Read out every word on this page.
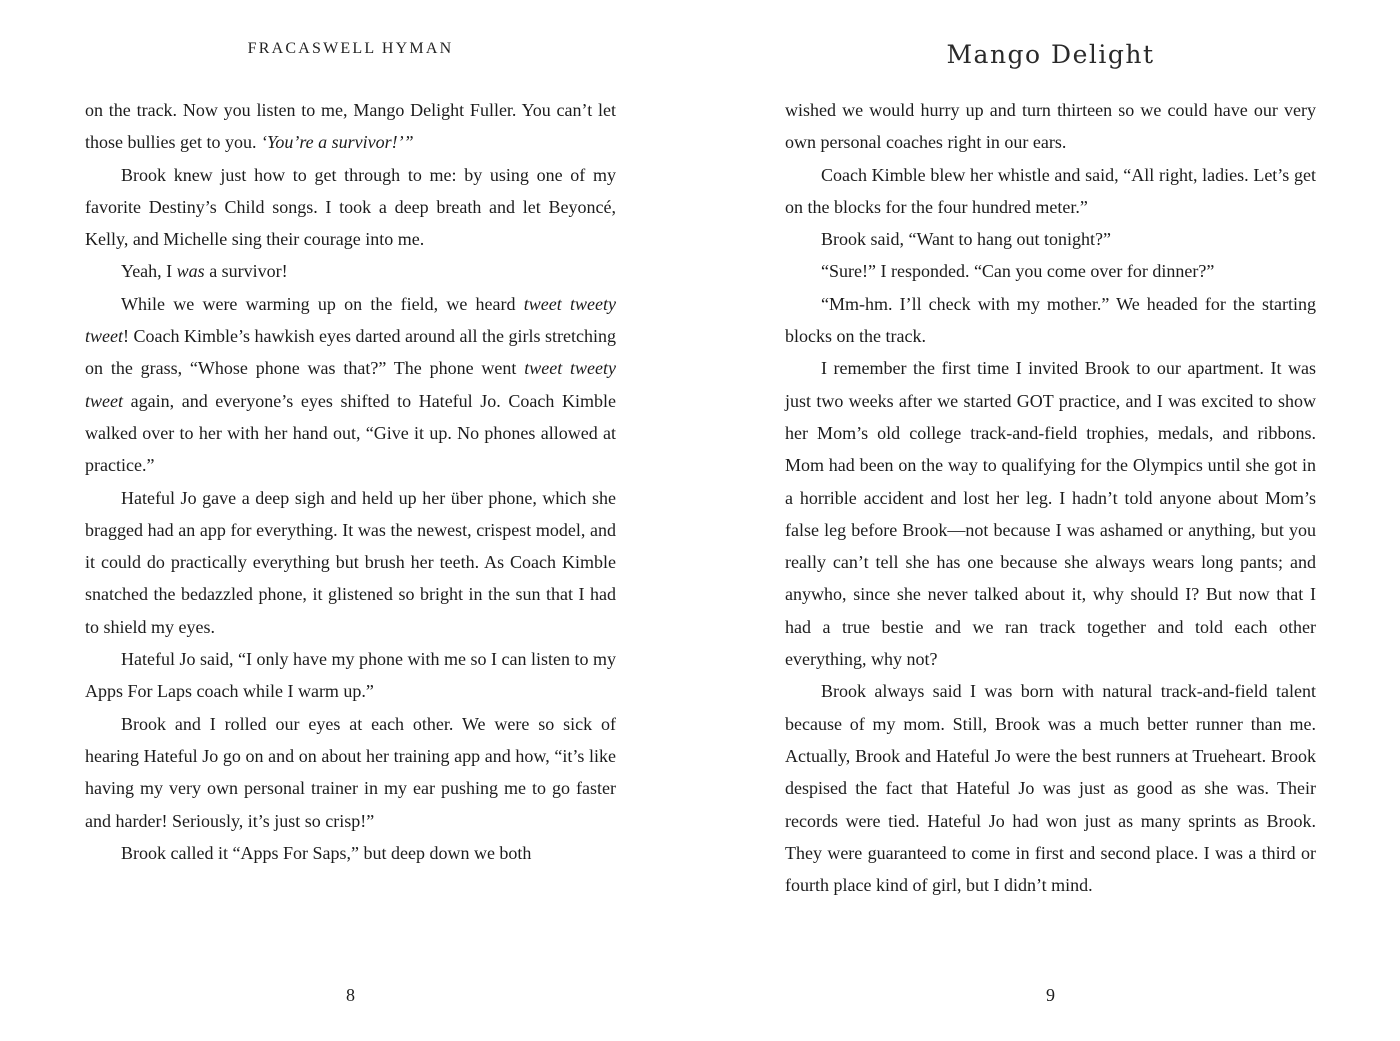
FRACASWELL HYMAN

on the track. Now you listen to me, Mango Delight Fuller. You can’t let those bullies get to you. ‘You’re a survivor!’”

Brook knew just how to get through to me: by using one of my favorite Destiny’s Child songs. I took a deep breath and let Beyoncé, Kelly, and Michelle sing their courage into me.

Yeah, I was a survivor!

While we were warming up on the field, we heard tweet tweety tweet! Coach Kimble’s hawkish eyes darted around all the girls stretching on the grass, “Whose phone was that?” The phone went tweet tweety tweet again, and everyone’s eyes shifted to Hateful Jo. Coach Kimble walked over to her with her hand out, “Give it up. No phones allowed at practice.”

Hateful Jo gave a deep sigh and held up her über phone, which she bragged had an app for everything. It was the newest, crispest model, and it could do practically everything but brush her teeth. As Coach Kimble snatched the bedazzled phone, it glistened so bright in the sun that I had to shield my eyes.

Hateful Jo said, “I only have my phone with me so I can listen to my Apps For Laps coach while I warm up.”

Brook and I rolled our eyes at each other. We were so sick of hearing Hateful Jo go on and on about her training app and how, “it’s like having my very own personal trainer in my ear pushing me to go faster and harder! Seriously, it’s just so crisp!”

Brook called it “Apps For Saps,” but deep down we both

8
Mango Delight

wished we would hurry up and turn thirteen so we could have our very own personal coaches right in our ears.

Coach Kimble blew her whistle and said, “All right, ladies. Let’s get on the blocks for the four hundred meter.”

Brook said, “Want to hang out tonight?”

“Sure!” I responded. “Can you come over for dinner?”

“Mm-hm. I’ll check with my mother.” We headed for the starting blocks on the track.

I remember the first time I invited Brook to our apartment. It was just two weeks after we started GOT practice, and I was excited to show her Mom’s old college track-and-field trophies, medals, and ribbons. Mom had been on the way to qualifying for the Olympics until she got in a horrible accident and lost her leg. I hadn’t told anyone about Mom’s false leg before Brook—not because I was ashamed or anything, but you really can’t tell she has one because she always wears long pants; and anywho, since she never talked about it, why should I? But now that I had a true bestie and we ran track together and told each other everything, why not?

Brook always said I was born with natural track-and-field talent because of my mom. Still, Brook was a much better runner than me. Actually, Brook and Hateful Jo were the best runners at Trueheart. Brook despised the fact that Hateful Jo was just as good as she was. Their records were tied. Hateful Jo had won just as many sprints as Brook. They were guaranteed to come in first and second place. I was a third or fourth place kind of girl, but I didn’t mind.

9
